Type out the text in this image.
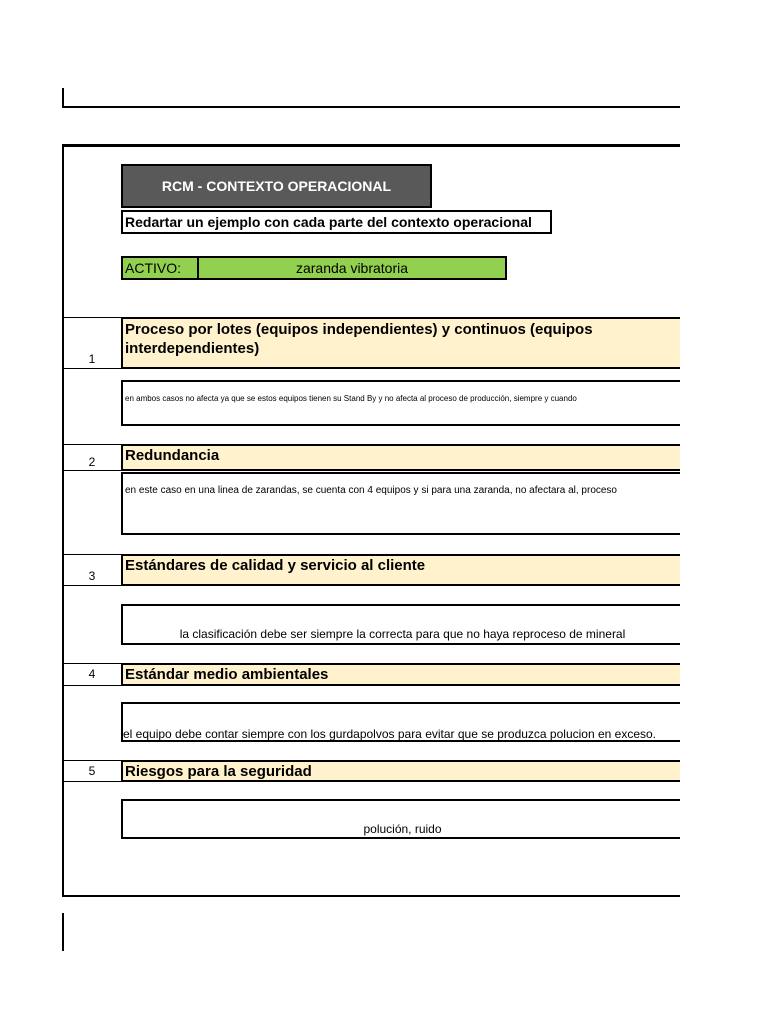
RCM - CONTEXTO OPERACIONAL
Redartar un ejemplo con cada parte del contexto operacional
ACTIVO:	zaranda vibratoria
Proceso por lotes (equipos independientes) y continuos (equipos interdependientes)
1
en ambos casos no afecta ya que se estos equipos tienen su Stand By y no afecta al proceso de producción, siempre y cuando
Redundancia
2
en este caso en una linea de zarandas, se cuenta con 4 equipos y si para una zaranda, no afectara al, proceso
Estándares de calidad y servicio al cliente
3
la clasificación debe ser siempre la correcta para que no haya reproceso de mineral
Estándar medio ambientales
4
el equipo debe contar siempre con los gurdapolvos para evitar que se produzca polucion en exceso.
Riesgos para la seguridad
5
polución, ruido
